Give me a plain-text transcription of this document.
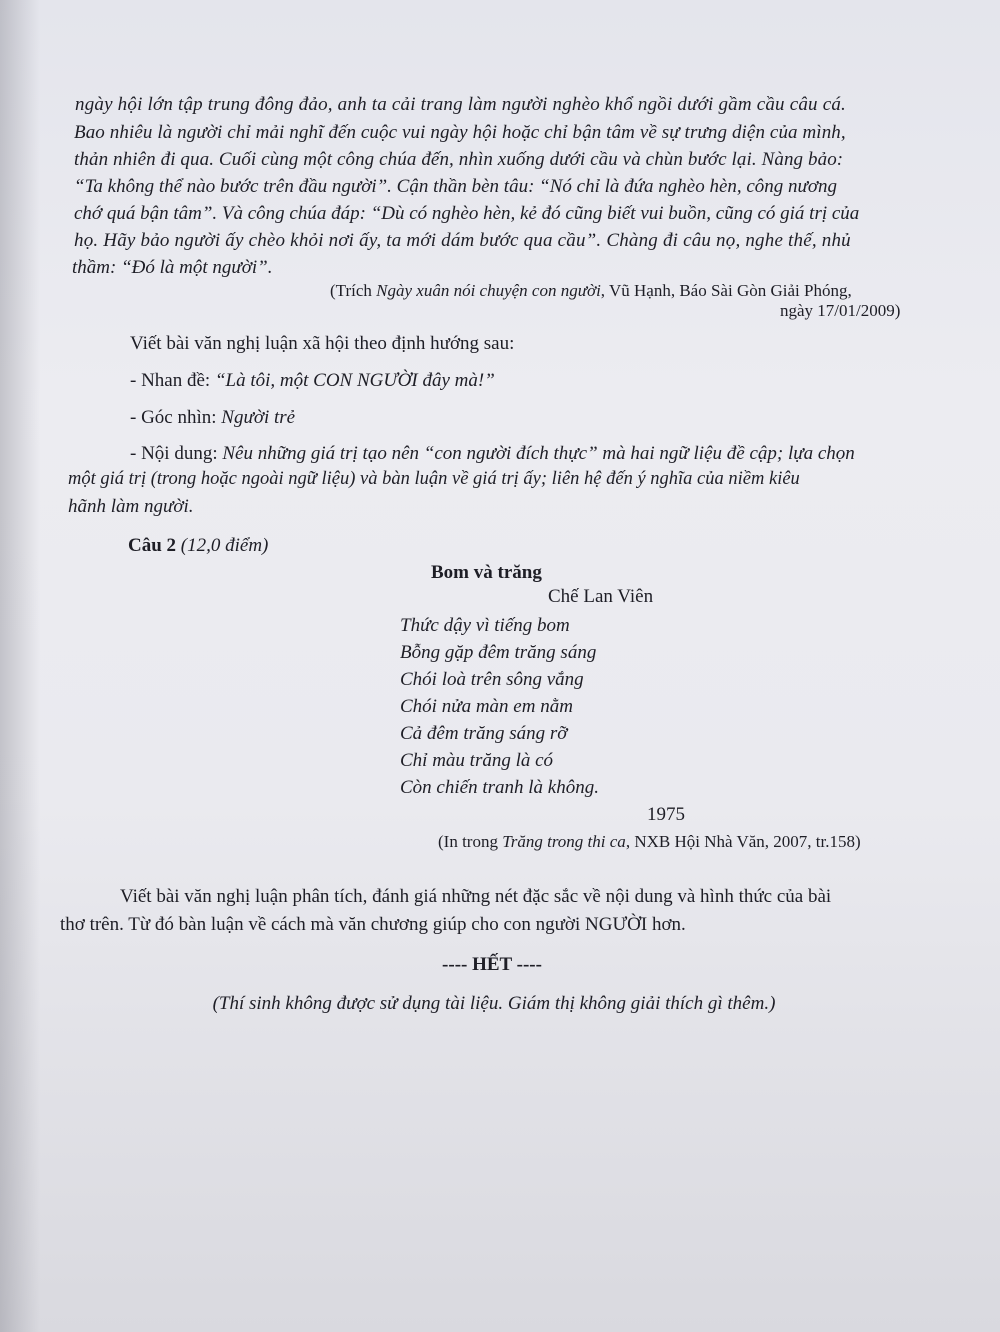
ngày hội lớn tập trung đông đảo, anh ta cải trang làm người nghèo khổ ngồi dưới gầm cầu câu cá.
Bao nhiêu là người chỉ mải nghĩ đến cuộc vui ngày hội hoặc chỉ bận tâm về sự trưng diện của mình,
thản nhiên đi qua. Cuối cùng một công chúa đến, nhìn xuống dưới cầu và chùn bước lại. Nàng bảo:
“Ta không thể nào bước trên đầu người”. Cận thần bèn tâu: “Nó chỉ là đứa nghèo hèn, công nương
chớ quá bận tâm”. Và công chúa đáp: “Dù có nghèo hèn, kẻ đó cũng biết vui buồn, cũng có giá trị của
họ. Hãy bảo người ấy chèo khỏi nơi ấy, ta mới dám bước qua cầu”. Chàng đi câu nọ, nghe thế, nhủ
thầm: “Đó là một người”.
(Trích Ngày xuân nói chuyện con người, Vũ Hạnh, Báo Sài Gòn Giải Phóng,
ngày 17/01/2009)
Viết bài văn nghị luận xã hội theo định hướng sau:
- Nhan đề: “Là tôi, một CON NGƯỜI đây mà!”
- Góc nhìn: Người trẻ
- Nội dung: Nêu những giá trị tạo nên “con người đích thực” mà hai ngữ liệu đề cập; lựa chọn
một giá trị (trong hoặc ngoài ngữ liệu) và bàn luận về giá trị ấy; liên hệ đến ý nghĩa của niềm kiêu
hãnh làm người.
Câu 2 (12,0 điểm)
Bom và trăng
Chế Lan Viên
Thức dậy vì tiếng bom
Bỗng gặp đêm trăng sáng
Chói loà trên sông vắng
Chói nửa màn em nằm
Cả đêm trăng sáng rỡ
Chỉ màu trăng là có
Còn chiến tranh là không.
1975
(In trong Trăng trong thi ca, NXB Hội Nhà Văn, 2007, tr.158)
Viết bài văn nghị luận phân tích, đánh giá những nét đặc sắc về nội dung và hình thức của bài
thơ trên. Từ đó bàn luận về cách mà văn chương giúp cho con người NGƯỜI hơn.
---- HẾT ----
(Thí sinh không được sử dụng tài liệu. Giám thị không giải thích gì thêm.)
